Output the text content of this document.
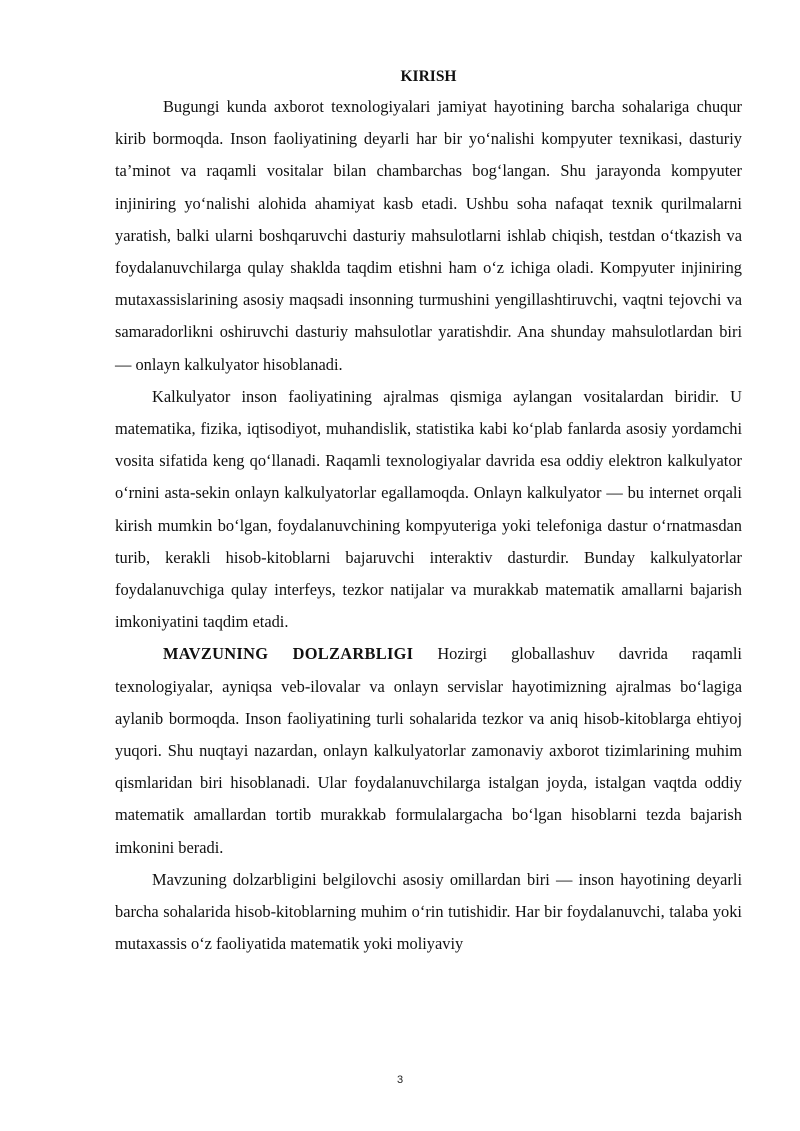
KIRISH

Bugungi kunda axborot texnologiyalari jamiyat hayotining barcha sohalariga chuqur kirib bormoqda. Inson faoliyatining deyarli har bir yo‘nalishi kompyuter texnikasi, dasturiy ta’minot va raqamli vositalar bilan chambarchas bog‘langan. Shu jarayonda kompyuter injiniring yo‘nalishi alohida ahamiyat kasb etadi. Ushbu soha nafaqat texnik qurilmalarni yaratish, balki ularni boshqaruvchi dasturiy mahsulotlarni ishlab chiqish, testdan o‘tkazish va foydalanuvchilarga qulay shaklda taqdim etishni ham o‘z ichiga oladi. Kompyuter injiniring mutaxassislarining asosiy maqsadi insonning turmushini yengillashtiruvchi, vaqtni tejovchi va samaradorlikni oshiruvchi dasturiy mahsulotlar yaratishdir. Ana shunday mahsulotlardan biri — onlayn kalkulyator hisoblanadi.

Kalkulyator inson faoliyatining ajralmas qismiga aylangan vositalardan biridir. U matematika, fizika, iqtisodiyot, muhandislik, statistika kabi ko‘plab fanlarda asosiy yordamchi vosita sifatida keng qo‘llanadi. Raqamli texnologiyalar davrida esa oddiy elektron kalkulyator o‘rnini asta-sekin onlayn kalkulyatorlar egallamoqda. Onlayn kalkulyator — bu internet orqali kirish mumkin bo‘lgan, foydalanuvchining kompyuteriga yoki telefoniga dastur o‘rnatmasdan turib, kerakli hisob-kitoblarni bajaruvchi interaktiv dasturdir. Bunday kalkulyatorlar foydalanuvchiga qulay interfeys, tezkor natijalar va murakkab matematik amallarni bajarish imkoniyatini taqdim etadi.

MAVZUNING DOLZARBLIGI Hozirgi globallashuv davrida raqamli texnologiyalar, ayniqsa veb-ilovalar va onlayn servislar hayotimizning ajralmas bo‘lagiga aylanib bormoqda. Inson faoliyatining turli sohalarida tezkor va aniq hisob-kitoblarga ehtiyoj yuqori. Shu nuqtayi nazardan, onlayn kalkulyatorlar zamonaviy axborot tizimlarining muhim qismlaridan biri hisoblanadi. Ular foydalanuvchilarga istalgan joyda, istalgan vaqtda oddiy matematik amallardan tortib murakkab formulalargacha bo‘lgan hisoblarni tezda bajarish imkonini beradi.

Mavzuning dolzarbligini belgilovchi asosiy omillardan biri — inson hayotining deyarli barcha sohalarida hisob-kitoblarning muhim o‘rin tutishidir. Har bir foydalanuvchi, talaba yoki mutaxassis o‘z faoliyatida matematik yoki moliyaviy

3
